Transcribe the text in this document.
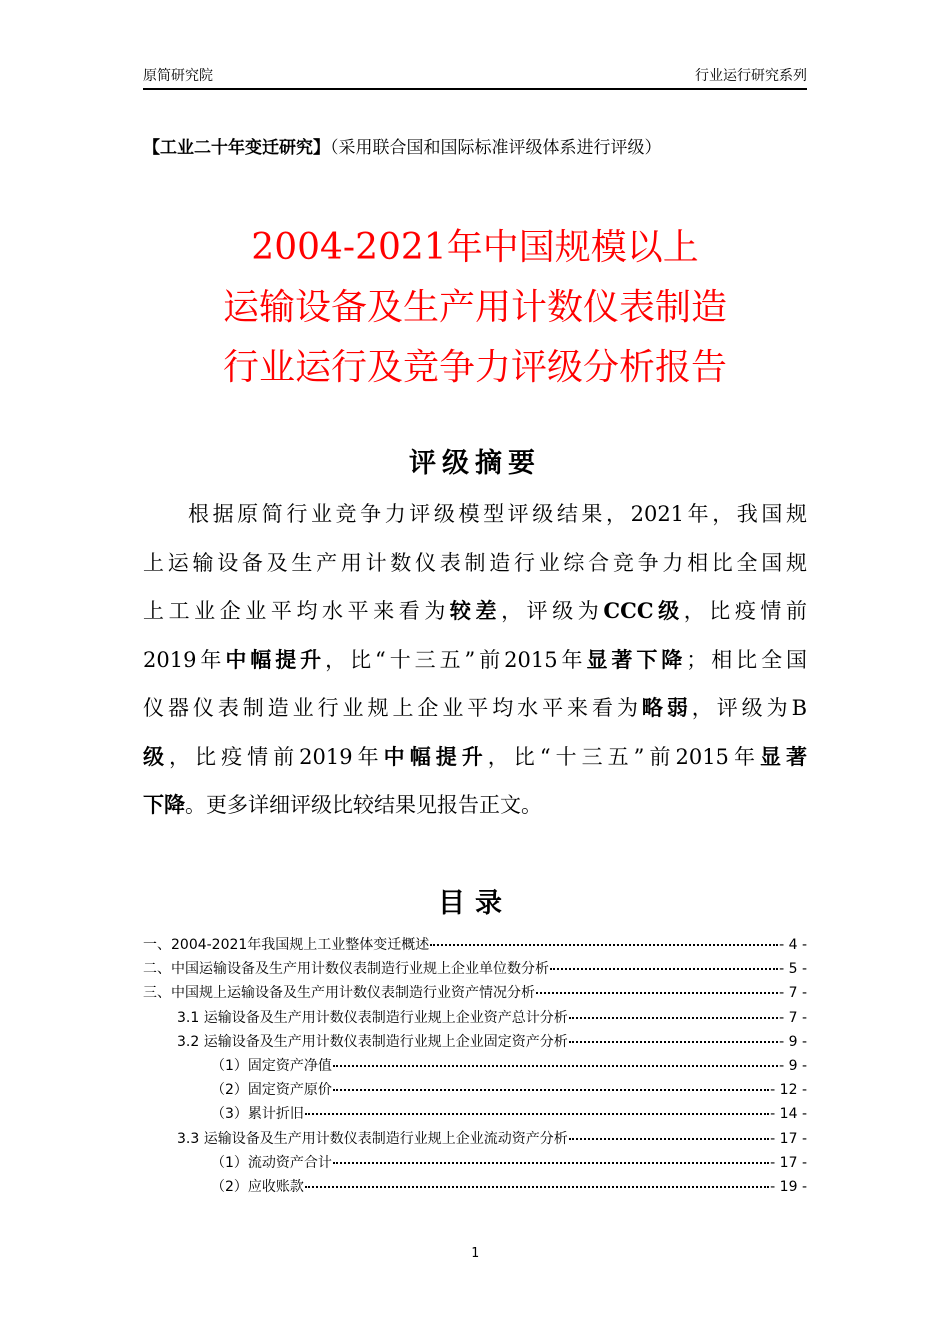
原简研究院	行业运行研究系列
【工业二十年变迁研究】（采用联合国和国际标准评级体系进行评级）
2004-2021年中国规模以上
运输设备及生产用计数仪表制造
行业运行及竞争力评级分析报告
评级摘要
根据原简行业竞争力评级模型评级结果，2021年，我国规
上运输设备及生产用计数仪表制造行业综合竞争力相比全国规
上工业企业平均水平来看为较差，评级为CCC级，比疫情前
2019年中幅提升，比“十三五”前2015年显著下降；相比全国
仪器仪表制造业行业规上企业平均水平来看为略弱，评级为B
级，比疫情前2019年中幅提升，比“十三五”前2015年显著
下降。更多详细评级比较结果见报告正文。
目录
一、2004-2021年我国规上工业整体变迁概述	- 4 -
二、中国运输设备及生产用计数仪表制造行业规上企业单位数分析	- 5 -
三、中国规上运输设备及生产用计数仪表制造行业资产情况分析	- 7 -
3.1 运输设备及生产用计数仪表制造行业规上企业资产总计分析	- 7 -
3.2 运输设备及生产用计数仪表制造行业规上企业固定资产分析	- 9 -
（1）固定资产净值	- 9 -
（2）固定资产原价	- 12 -
（3）累计折旧	- 14 -
3.3 运输设备及生产用计数仪表制造行业规上企业流动资产分析	- 17 -
（1）流动资产合计	- 17 -
（2）应收账款	- 19 -
1
